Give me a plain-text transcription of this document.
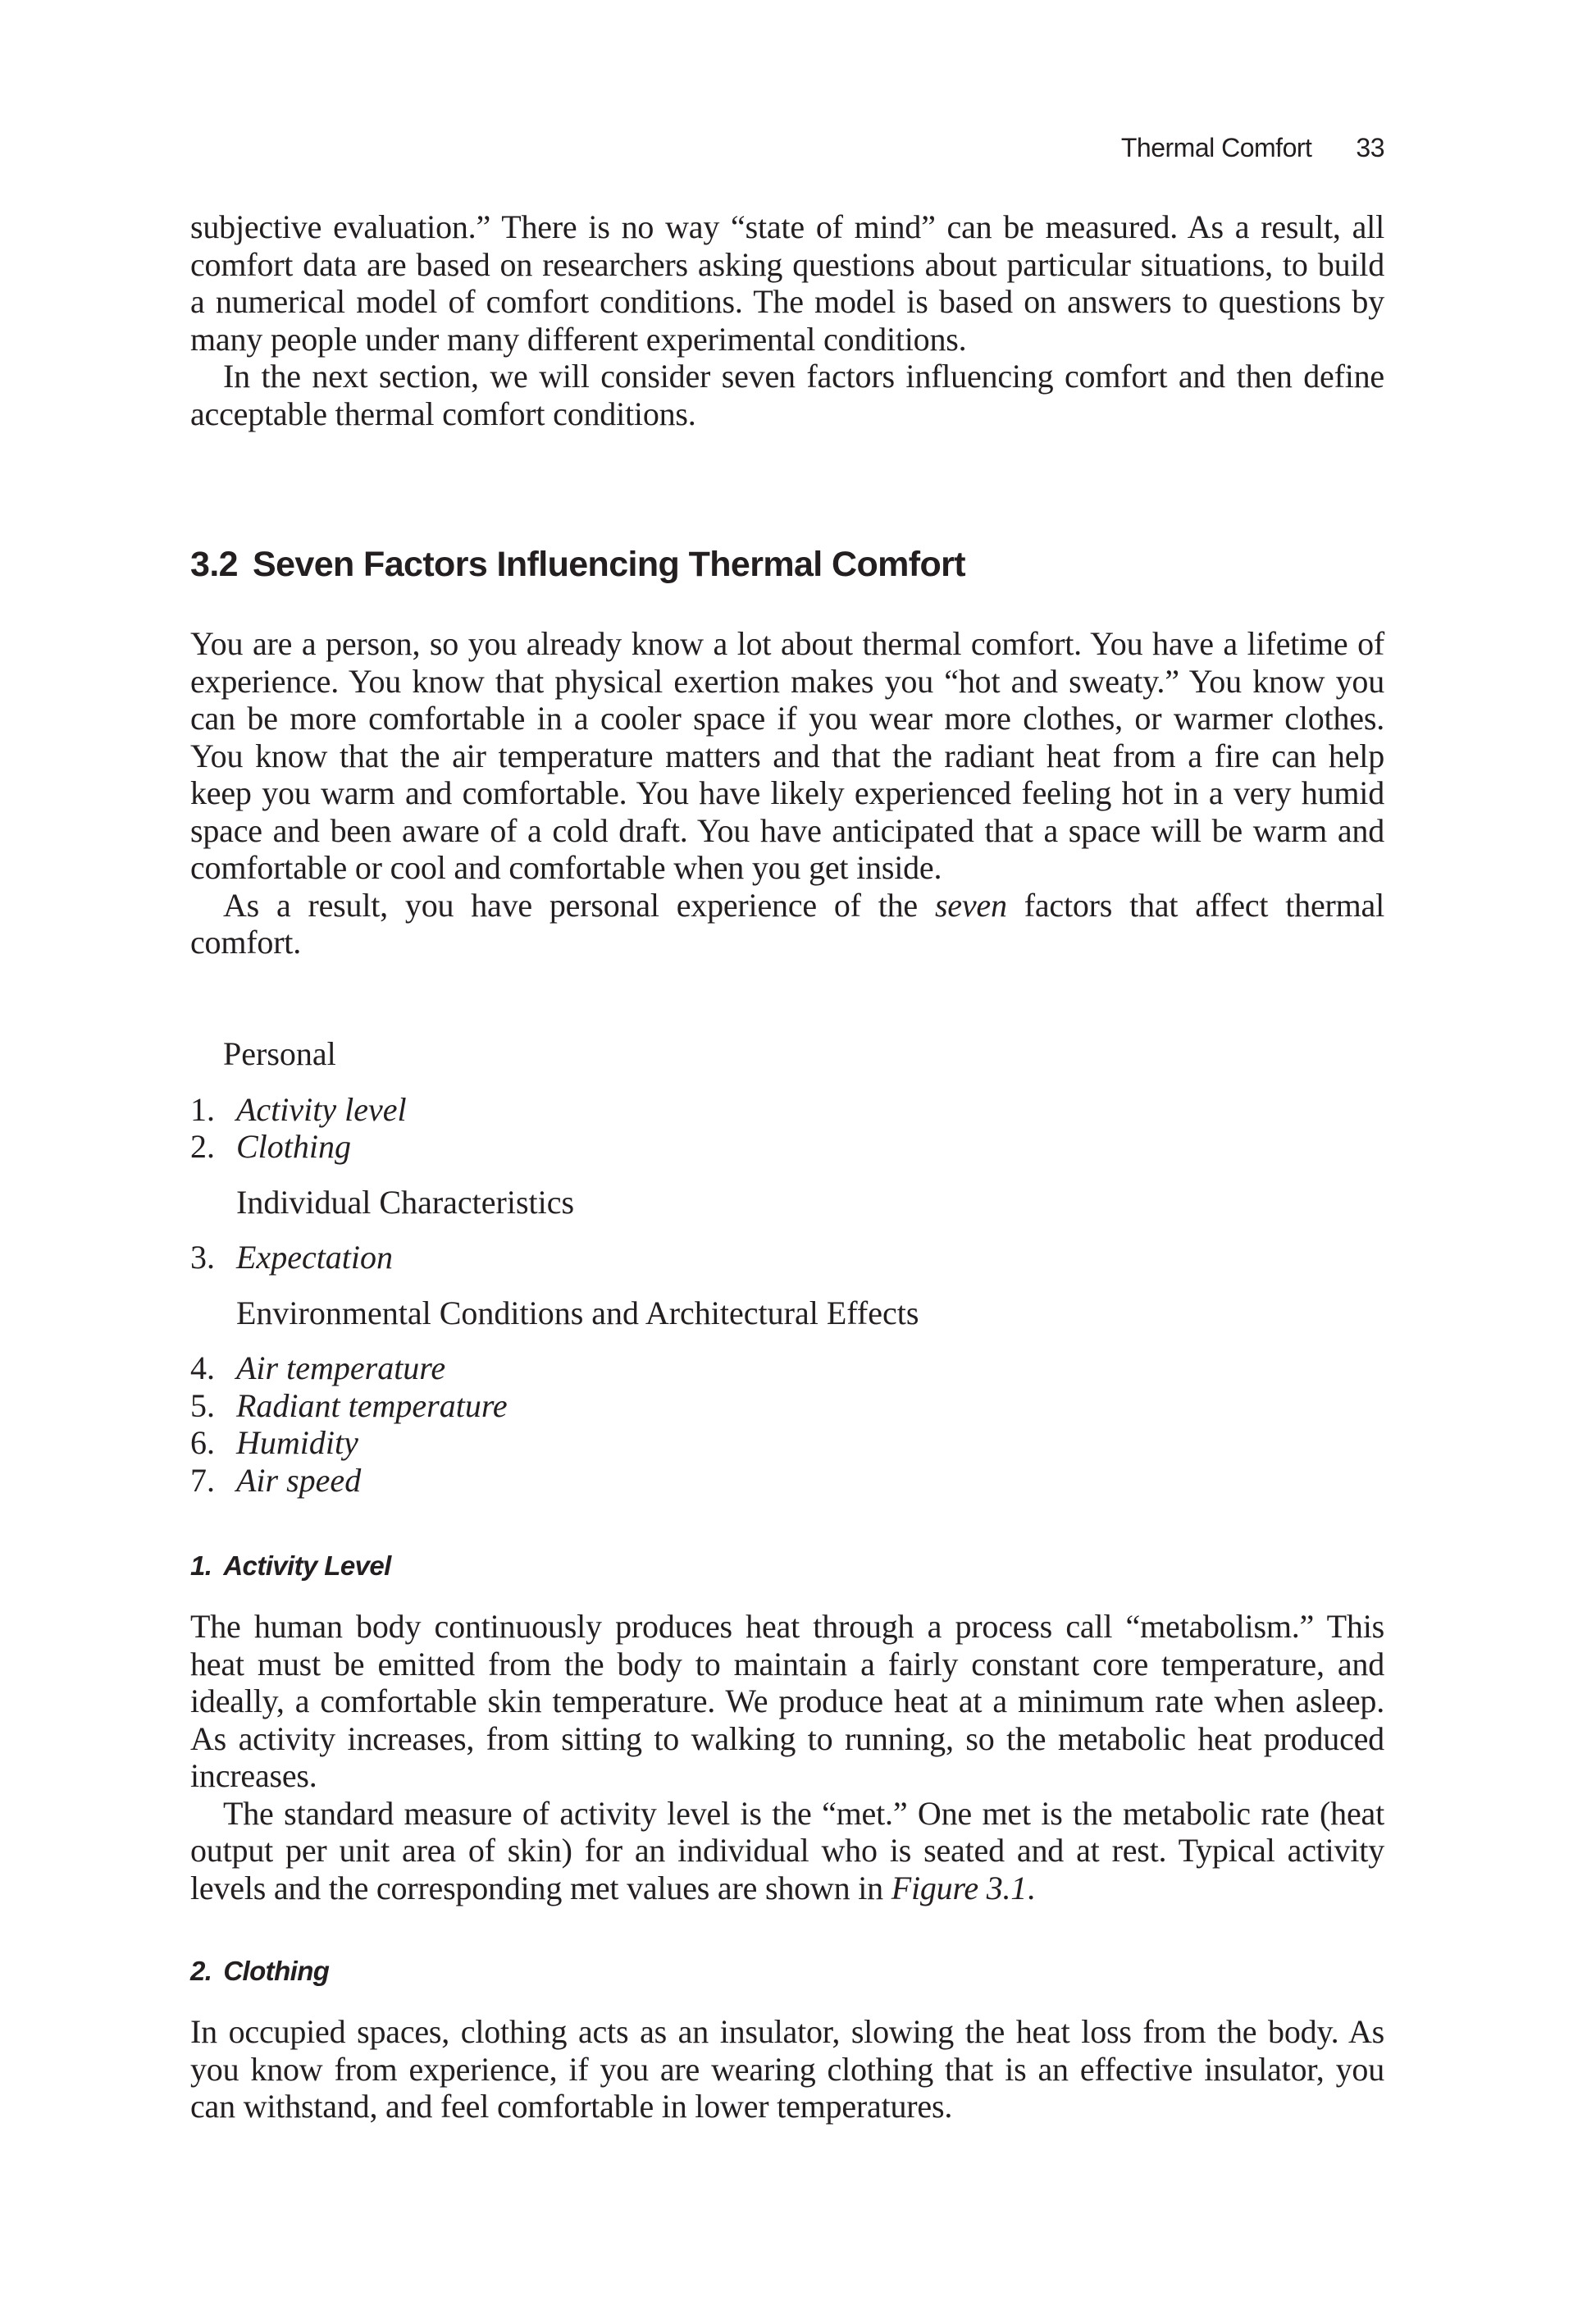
Thermal Comfort 33

subjective evaluation.” There is no way “state of mind” can be measured. As a result, all comfort data are based on researchers asking questions about particular situations, to build a numerical model of comfort conditions. The model is based on answers to questions by many people under many different experimental conditions.

In the next section, we will consider seven factors influencing comfort and then define acceptable thermal comfort conditions.

3.2 Seven Factors Influencing Thermal Comfort

You are a person, so you already know a lot about thermal comfort. You have a lifetime of experience. You know that physical exertion makes you “hot and sweaty.” You know you can be more comfortable in a cooler space if you wear more clothes, or warmer clothes. You know that the air temperature matters and that the radiant heat from a fire can help keep you warm and comfortable. You have likely experienced feeling hot in a very humid space and been aware of a cold draft. You have anticipated that a space will be warm and comfortable or cool and comfortable when you get inside.

As a result, you have personal experience of the seven factors that affect thermal comfort.

Personal

1. Activity level
2. Clothing

Individual Characteristics

3. Expectation

Environmental Conditions and Architectural Effects

4. Air temperature
5. Radiant temperature
6. Humidity
7. Air speed
1. Activity Level

The human body continuously produces heat through a process call “metabolism.” This heat must be emitted from the body to maintain a fairly constant core temperature, and ideally, a comfortable skin temperature. We produce heat at a minimum rate when asleep. As activity increases, from sitting to walking to running, so the metabolic heat produced increases.

The standard measure of activity level is the “met.” One met is the metabolic rate (heat output per unit area of skin) for an individual who is seated and at rest. Typical activity levels and the corresponding met values are shown in Figure 3.1.

2. Clothing

In occupied spaces, clothing acts as an insulator, slowing the heat loss from the body. As you know from experience, if you are wearing clothing that is an effective insulator, you can withstand, and feel comfortable in lower temperatures.
